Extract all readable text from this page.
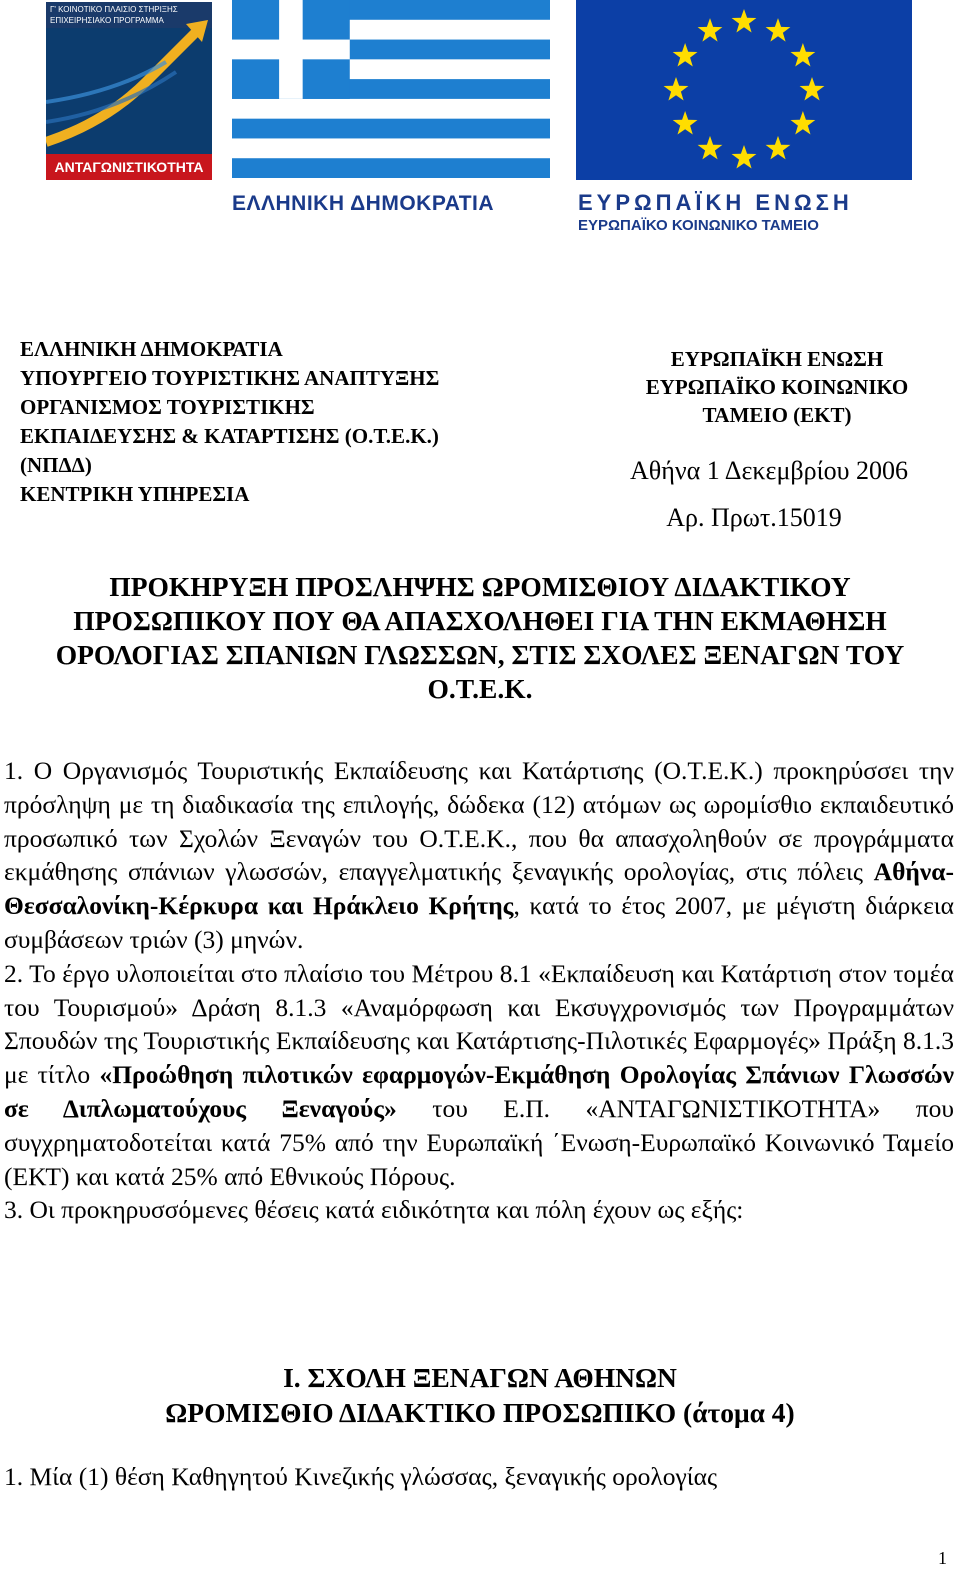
Γ' ΚΟΙΝΟΤΙΚΟ ΠΛΑΙΣΙΟ ΣΤΗΡΙΞΗΣ ΕΠΙΧΕΙΡΗΣΙΑΚΟ ΠΡΟΓΡΑΜΜΑ
ΑΝΤΑΓΩΝΙΣΤΙΚΟΤΗΤΑ
ΕΛΛΗΝΙΚΗ ΔΗΜΟΚΡΑΤΙΑ	ΕΥΡΩΠΑΪΚΗ ΕΝΩΣΗ
ΕΥΡΩΠΑΪΚΟ ΚΟΙΝΩΝΙΚΟ ΤΑΜΕΙΟ
ΕΛΛΗΝΙΚΗ ΔΗΜΟΚΡΑΤΙΑ
ΥΠΟΥΡΓΕΙΟ ΤΟΥΡΙΣΤΙΚΗΣ ΑΝΑΠΤΥΞΗΣ
ΟΡΓΑΝΙΣΜΟΣ ΤΟΥΡΙΣΤΙΚΗΣ
ΕΚΠΑΙΔΕΥΣΗΣ & ΚΑΤΑΡΤΙΣΗΣ (Ο.Τ.Ε.Κ.)
(ΝΠΔΔ)
ΚΕΝΤΡΙΚΗ ΥΠΗΡΕΣΙΑ
ΕΥΡΩΠΑΪΚΗ ΕΝΩΣΗ
ΕΥΡΩΠΑΪΚΟ ΚΟΙΝΩΝΙΚΟ
ΤΑΜΕΙΟ (ΕΚΤ)
Αθήνα 1 Δεκεμβρίου 2006
Αρ. Πρωτ.15019
ΠΡΟΚΗΡΥΞΗ ΠΡΟΣΛΗΨΗΣ ΩΡΟΜΙΣΘΙΟΥ ΔΙΔΑΚΤΙΚΟΥ
ΠΡΟΣΩΠΙΚΟΥ ΠΟΥ ΘΑ ΑΠΑΣΧΟΛΗΘΕΙ ΓΙΑ ΤΗΝ ΕΚΜΑΘΗΣΗ
ΟΡΟΛΟΓΙΑΣ ΣΠΑΝΙΩΝ ΓΛΩΣΣΩΝ, ΣΤΙΣ ΣΧΟΛΕΣ ΞΕΝΑΓΩΝ ΤΟΥ
Ο.Τ.Ε.Κ.

1. Ο Οργανισμός Τουριστικής Εκπαίδευσης και Κατάρτισης (Ο.Τ.Ε.Κ.) προκηρύσσει την πρόσληψη με τη διαδικασία της επιλογής, δώδεκα (12) ατόμων ως ωρομίσθιο εκπαιδευτικό προσωπικό των Σχολών Ξεναγών του Ο.Τ.Ε.Κ., που θα απασχοληθούν σε προγράμματα εκμάθησης σπάνιων γλωσσών, επαγγελματικής ξεναγικής ορολογίας, στις πόλεις Αθήνα-Θεσσαλονίκη-Κέρκυρα και Ηράκλειο Κρήτης, κατά το έτος 2007, με μέγιστη διάρκεια συμβάσεων τριών (3) μηνών.

2. Το έργο υλοποιείται στο πλαίσιο του Μέτρου 8.1 «Εκπαίδευση και Κατάρτιση στον τομέα του Τουρισμού» Δράση 8.1.3 «Αναμόρφωση και Εκσυγχρονισμός των Προγραμμάτων Σπουδών της Τουριστικής Εκπαίδευσης και Κατάρτισης-Πιλοτικές Εφαρμογές» Πράξη 8.1.3 με τίτλο «Προώθηση πιλοτικών εφαρμογών-Εκμάθηση Ορολογίας Σπάνιων Γλωσσών σε Διπλωματούχους Ξεναγούς» του Ε.Π. «ΑΝΤΑΓΩΝΙΣΤΙΚΟΤΗΤΑ» που συγχρηματοδοτείται κατά 75% από την Ευρωπαϊκή ΄Ενωση-Ευρωπαϊκό Κοινωνικό Ταμείο (ΕΚΤ) και κατά 25% από Εθνικούς Πόρους.

3. Οι προκηρυσσόμενες θέσεις κατά ειδικότητα και πόλη έχουν ως εξής:

Ι. ΣΧΟΛΗ ΞΕΝΑΓΩΝ ΑΘΗΝΩΝ
ΩΡΟΜΙΣΘΙΟ ΔΙΔΑΚΤΙΚΟ ΠΡΟΣΩΠΙΚΟ (άτομα 4)
1. Μία (1) θέση Καθηγητού Κινεζικής γλώσσας, ξεναγικής ορολογίας
1
